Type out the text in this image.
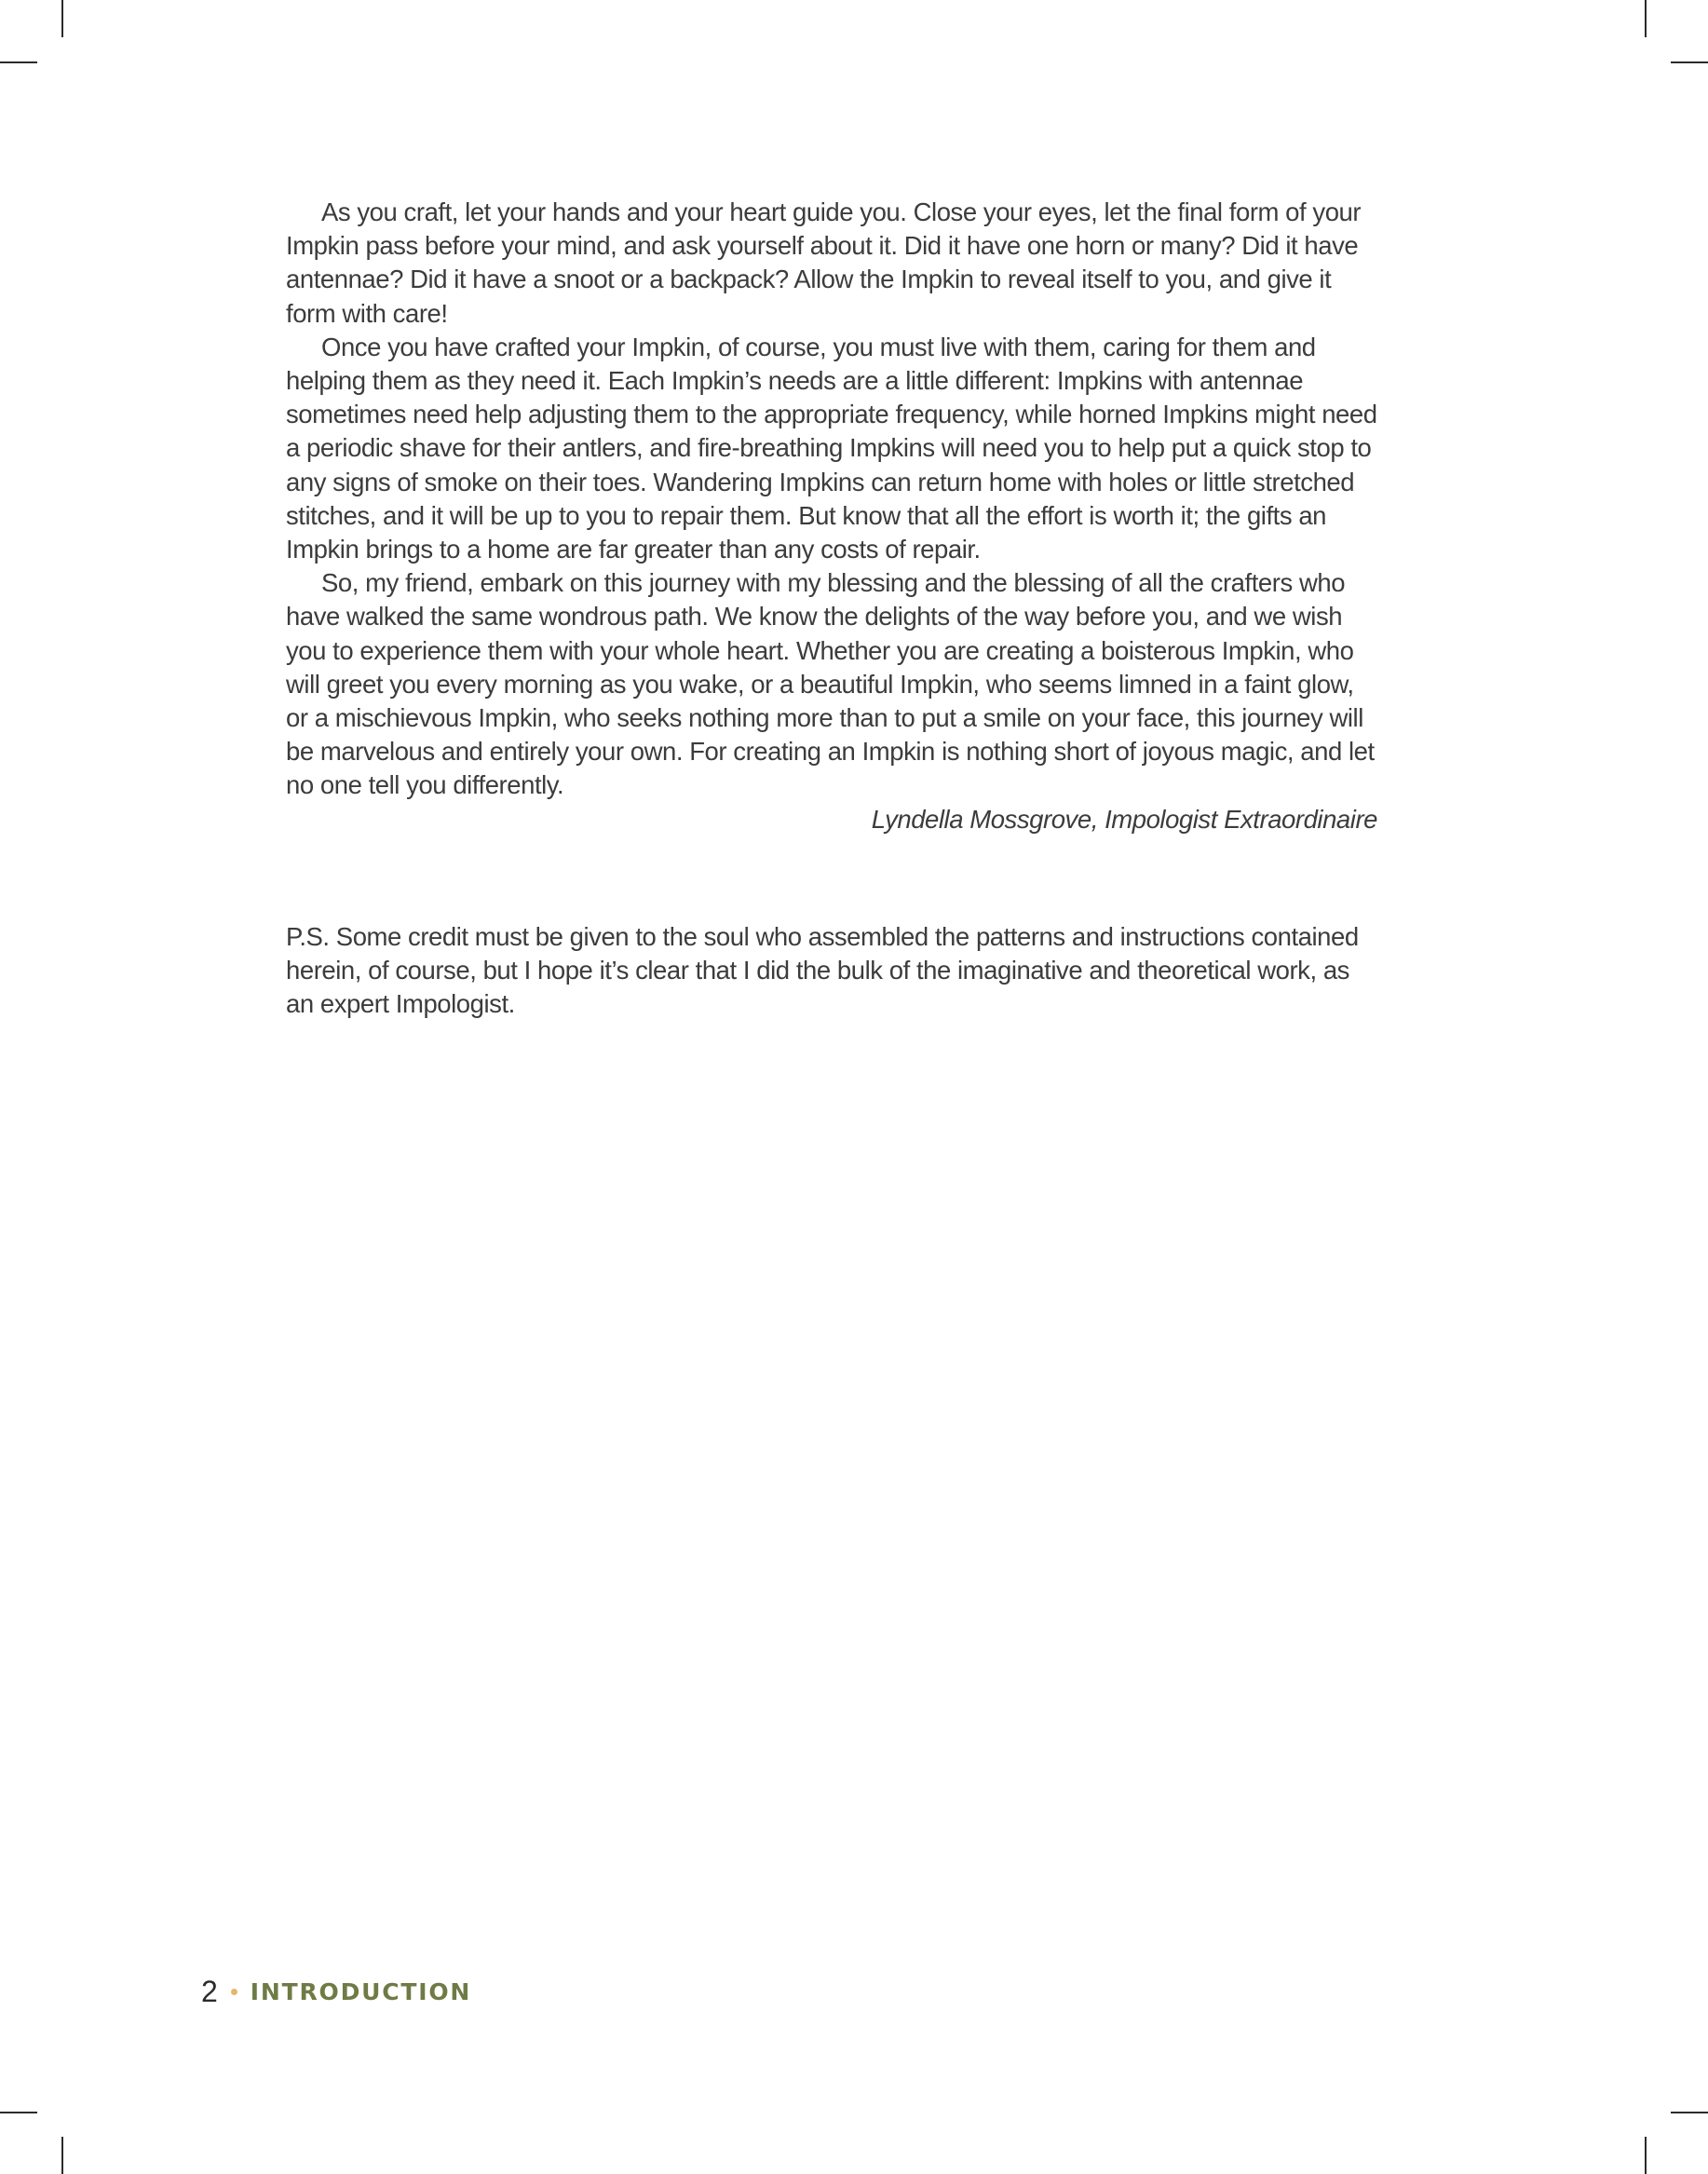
As you craft, let your hands and your heart guide you. Close your eyes, let the final form of your Impkin pass before your mind, and ask yourself about it. Did it have one horn or many? Did it have antennae? Did it have a snoot or a backpack? Allow the Impkin to reveal itself to you, and give it form with care!

Once you have crafted your Impkin, of course, you must live with them, caring for them and helping them as they need it. Each Impkin’s needs are a little different: Impkins with antennae sometimes need help adjusting them to the appropriate frequency, while horned Impkins might need a periodic shave for their antlers, and fire-breathing Impkins will need you to help put a quick stop to any signs of smoke on their toes. Wandering Impkins can return home with holes or little stretched stitches, and it will be up to you to repair them. But know that all the effort is worth it; the gifts an Impkin brings to a home are far greater than any costs of repair.

So, my friend, embark on this journey with my blessing and the blessing of all the crafters who have walked the same wondrous path. We know the delights of the way before you, and we wish you to experience them with your whole heart. Whether you are creating a boisterous Impkin, who will greet you every morning as you wake, or a beautiful Impkin, who seems limned in a faint glow, or a mischievous Impkin, who seeks nothing more than to put a smile on your face, this journey will be marvelous and entirely your own. For creating an Impkin is nothing short of joyous magic, and let no one tell you differently.

Lyndella Mossgrove, Impologist Extraordinaire

P.S. Some credit must be given to the soul who assembled the patterns and instructions contained herein, of course, but I hope it’s clear that I did the bulk of the imaginative and theoretical work, as an expert Impologist.

2 INTRODUCTION
